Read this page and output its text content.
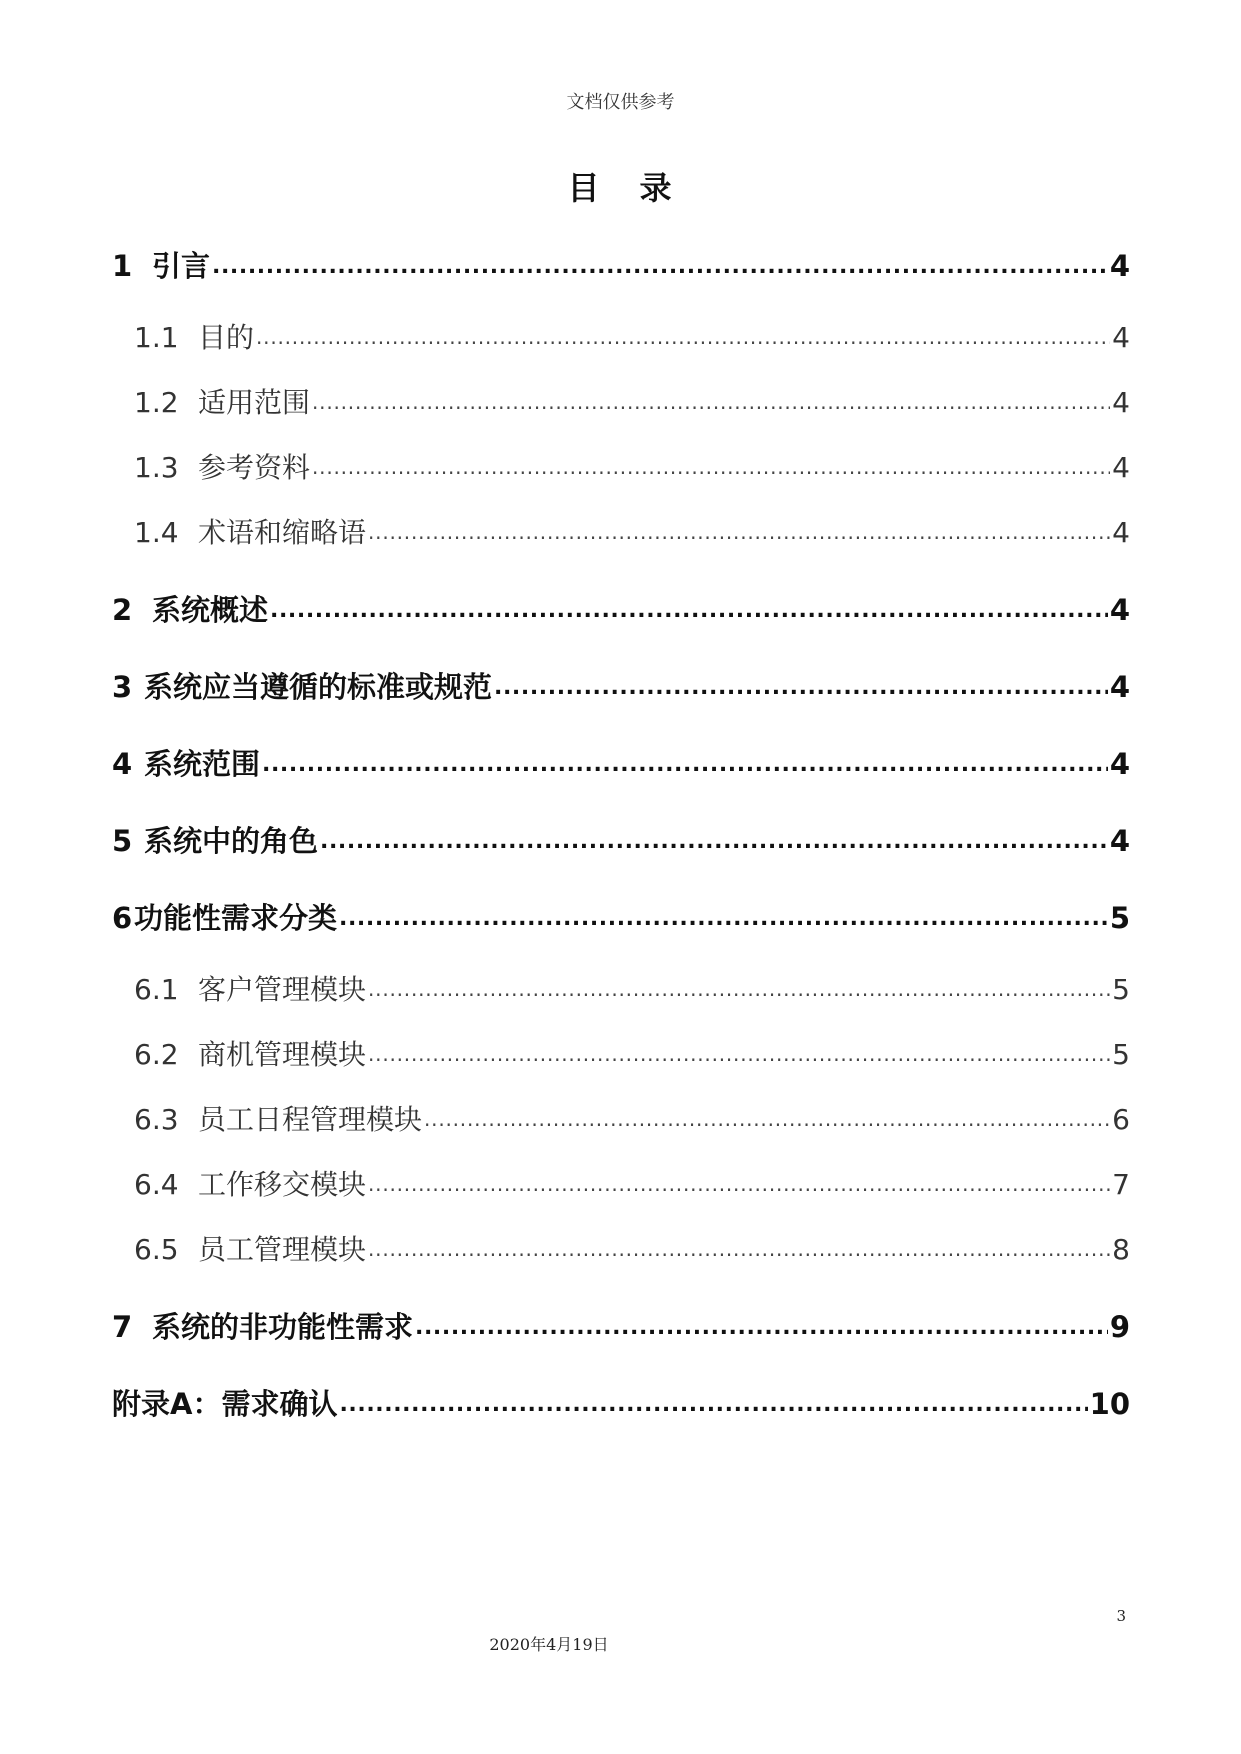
文档仅供参考
目 录
1 引言 .....	4
1.1 目的 .....	4
1.2 适用范围 .....	4
1.3 参考资料 .....	4
1.4 术语和缩略语 .....	4
2 系统概述 .....	4
3 系统应当遵循的标准或规范 .....	4
4 系统范围 .....	4
5 系统中的角色 .....	4
6 功能性需求分类 .....	5
6.1 客户管理模块 .....	5
6.2 商机管理模块 .....	5
6.3 员工日程管理模块 .....	6
6.4 工作移交模块 .....	7
6.5 员工管理模块 .....	8
7 系统的非功能性需求 .....	9
附录A：需求确认 .....	10
3
2020年4月19日
